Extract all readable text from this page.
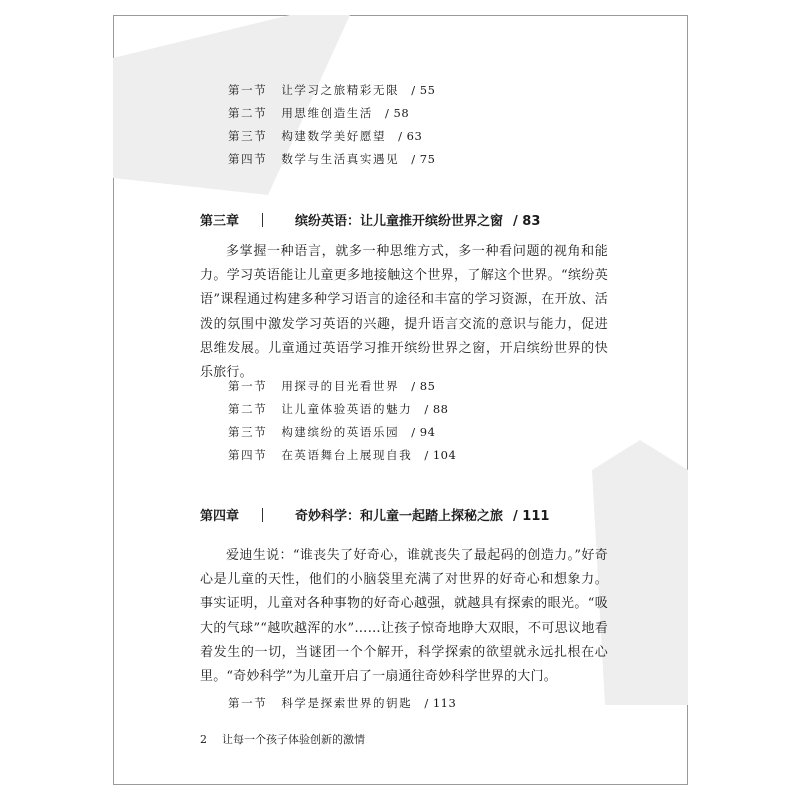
第一节 让学习之旅精彩无限 / 55
第二节 用思维创造生活 / 58
第三节 构建数学美好愿望 / 63
第四节 数学与生活真实遇见 / 75
第三章	缤纷英语：让儿童推开缤纷世界之窗 / 83

多掌握一种语言，就多一种思维方式，多一种看问题的视角和能力。学习英语能让儿童更多地接触这个世界，了解这个世界。“缤纷英语”课程通过构建多种学习语言的途径和丰富的学习资源，在开放、活泼的氛围中激发学习英语的兴趣，提升语言交流的意识与能力，促进思维发展。儿童通过英语学习推开缤纷世界之窗，开启缤纷世界的快乐旅行。

第一节 用探寻的目光看世界 / 85
第二节 让儿童体验英语的魅力 / 88
第三节 构建缤纷的英语乐园 / 94
第四节 在英语舞台上展现自我 / 104
第四章	奇妙科学：和儿童一起踏上探秘之旅 / 111

爱迪生说：“谁丧失了好奇心，谁就丧失了最起码的创造力。”好奇心是儿童的天性，他们的小脑袋里充满了对世界的好奇心和想象力。事实证明，儿童对各种事物的好奇心越强，就越具有探索的眼光。“吸大的气球”“越吹越浑的水”……让孩子惊奇地睁大双眼，不可思议地看着发生的一切，当谜团一个个解开，科学探索的欲望就永远扎根在心里。“奇妙科学”为儿童开启了一扇通往奇妙科学世界的大门。

第一节 科学是探索世界的钥匙 / 113
2 让每一个孩子体验创新的激情
